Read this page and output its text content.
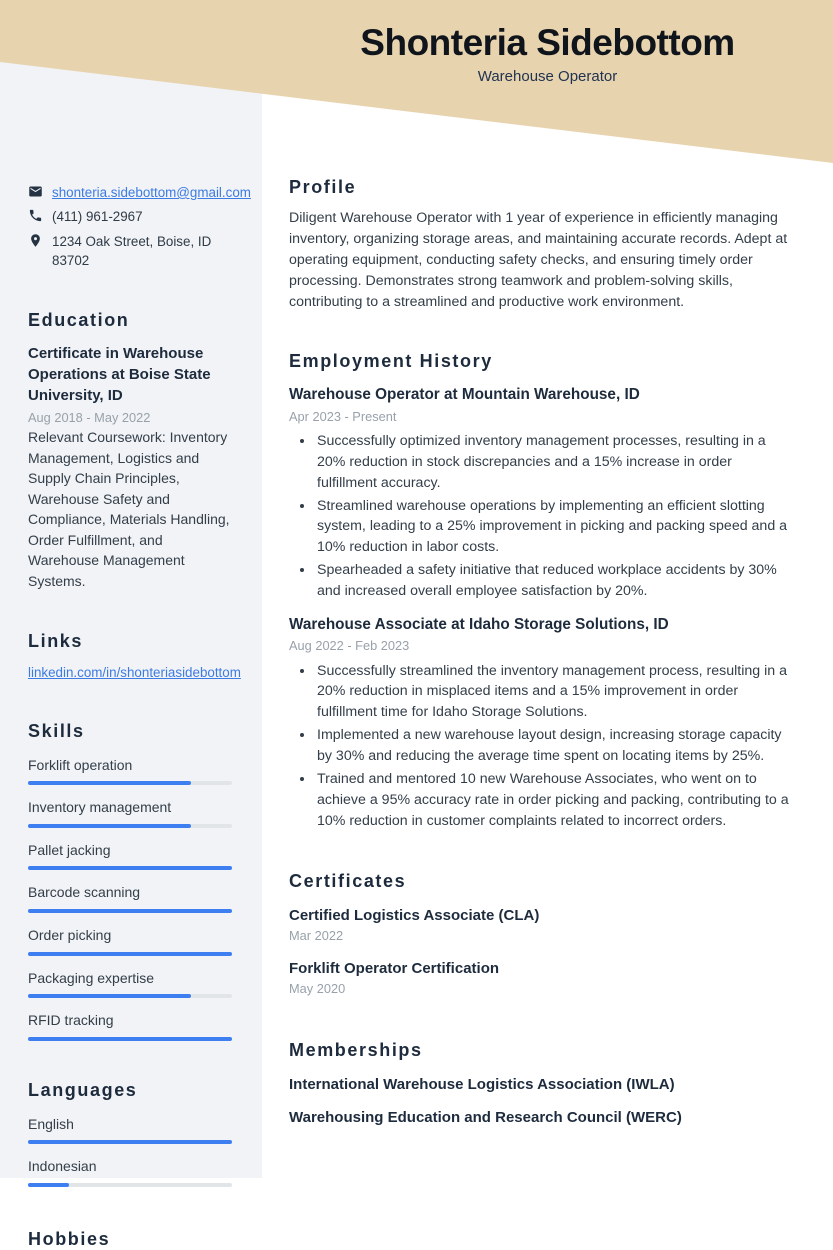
shonteria.sidebottom@gmail.com
(411) 961-2967
1234 Oak Street, Boise, ID 83702
Education
Certificate in Warehouse Operations at Boise State University, ID
Aug 2018 - May 2022
Relevant Coursework: Inventory Management, Logistics and Supply Chain Principles, Warehouse Safety and Compliance, Materials Handling, Order Fulfillment, and Warehouse Management Systems.
Links
linkedin.com/in/shonteriasidebottom
Skills
Forklift operation
Inventory management
Pallet jacking
Barcode scanning
Order picking
Packaging expertise
RFID tracking
Languages
English
Indonesian
Hobbies
Profile

Diligent Warehouse Operator with 1 year of experience in efficiently managing inventory, organizing storage areas, and maintaining accurate records. Adept at operating equipment, conducting safety checks, and ensuring timely order processing. Demonstrates strong teamwork and problem-solving skills, contributing to a streamlined and productive work environment.

Employment History
Warehouse Operator at Mountain Warehouse, ID
Apr 2023 - Present
• Successfully optimized inventory management processes, resulting in a 20% reduction in stock discrepancies and a 15% increase in order fulfillment accuracy.
• Streamlined warehouse operations by implementing an efficient slotting system, leading to a 25% improvement in picking and packing speed and a 10% reduction in labor costs.
• Spearheaded a safety initiative that reduced workplace accidents by 30% and increased overall employee satisfaction by 20%.
Warehouse Associate at Idaho Storage Solutions, ID
Aug 2022 - Feb 2023
• Successfully streamlined the inventory management process, resulting in a 20% reduction in misplaced items and a 15% improvement in order fulfillment time for Idaho Storage Solutions.
• Implemented a new warehouse layout design, increasing storage capacity by 30% and reducing the average time spent on locating items by 25%.
• Trained and mentored 10 new Warehouse Associates, who went on to achieve a 95% accuracy rate in order picking and packing, contributing to a 10% reduction in customer complaints related to incorrect orders.
Certificates
Certified Logistics Associate (CLA)
Mar 2022
Forklift Operator Certification
May 2020
Memberships
International Warehouse Logistics Association (IWLA)
Warehousing Education and Research Council (WERC)
Shonteria Sidebottom
Warehouse Operator
